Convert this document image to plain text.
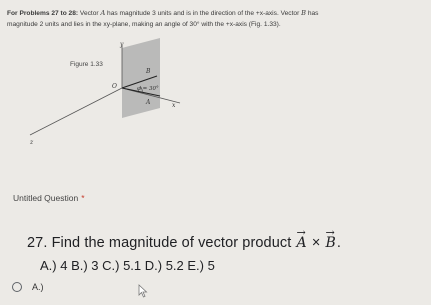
For Problems 27 to 28: Vector A has magnitude 3 units and is in the direction of the +x-axis. Vector B has
magnitude 2 units and lies in the xy-plane, making an angle of 30° with the +x-axis (Fig. 1.33).
Figure 1.33
y
x
z
A
B
O	φ = 30°
Untitled Question *
27. Find the magnitude of vector product → A × → B.
A.) 4 B.) 3 C.) 5.1 D.) 5.2 E.) 5
A.)
